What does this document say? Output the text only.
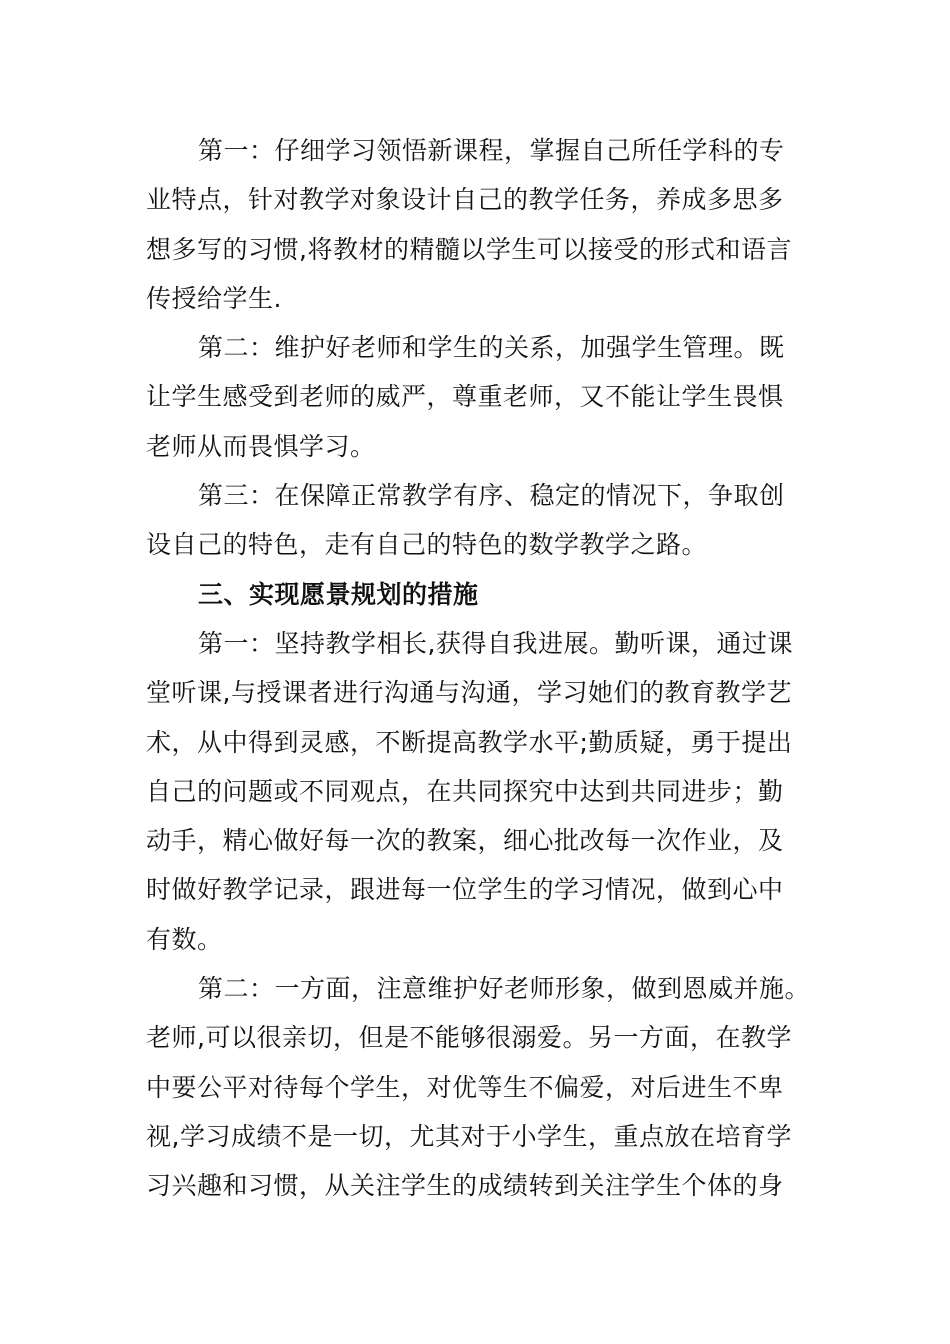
第一：仔细学习领悟新课程，掌握自己所任学科的专
业特点，针对教学对象设计自己的教学任务，养成多思多
想多写的习惯,将教材的精髓以学生可以接受的形式和语言
传授给学生.

第二：维护好老师和学生的关系，加强学生管理。既
让学生感受到老师的威严，尊重老师，又不能让学生畏惧
老师从而畏惧学习。

第三：在保障正常教学有序、稳定的情况下，争取创
设自己的特色，走有自己的特色的数学教学之路。

三、实现愿景规划的措施

第一：坚持教学相长,获得自我进展。勤听课，通过课
堂听课,与授课者进行沟通与沟通，学习她们的教育教学艺
术，从中得到灵感，不断提高教学水平;勤质疑，勇于提出
自己的问题或不同观点，在共同探究中达到共同进步；勤
动手，精心做好每一次的教案，细心批改每一次作业，及
时做好教学记录，跟进每一位学生的学习情况，做到心中
有数。

第二：一方面，注意维护好老师形象，做到恩威并施。
老师,可以很亲切，但是不能够很溺爱。另一方面，在教学
中要公平对待每个学生，对优等生不偏爱，对后进生不卑
视,学习成绩不是一切，尤其对于小学生，重点放在培育学
习兴趣和习惯，从关注学生的成绩转到关注学生个体的身
